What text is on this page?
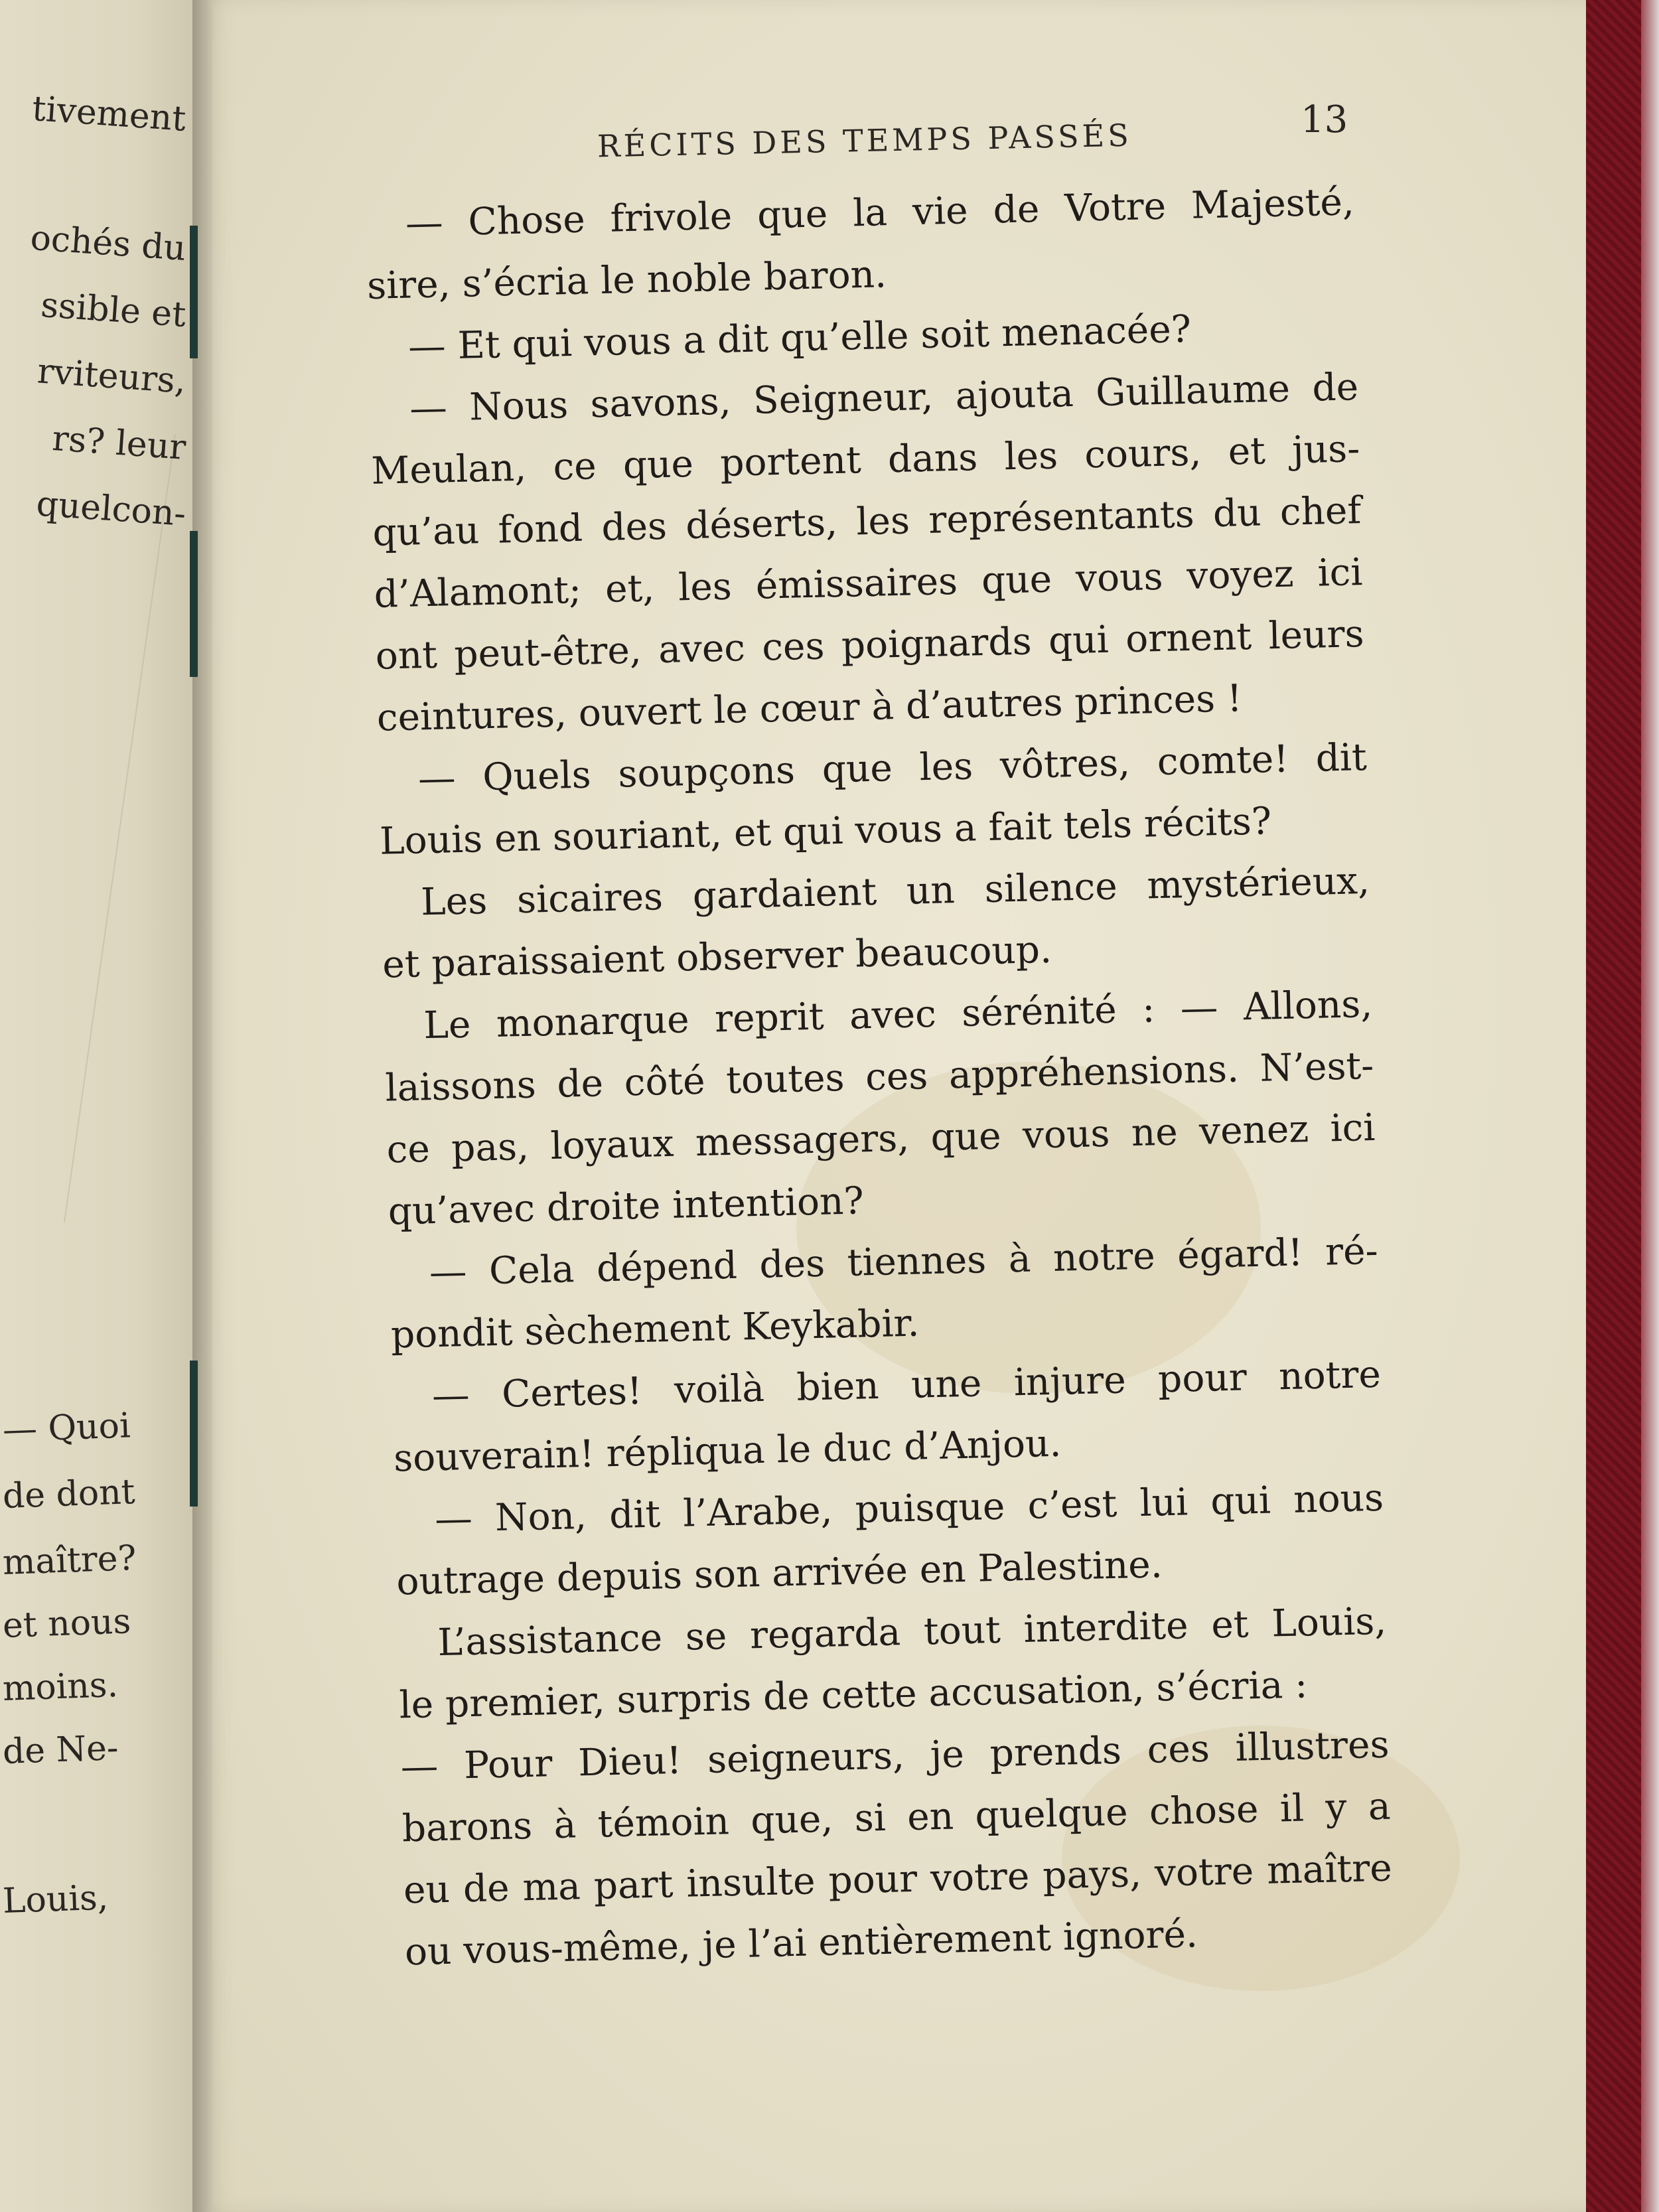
tivement
ochés du
ssible et
rviteurs,
rs? leur
quelcon-
— Quoi
de dont
maître?
et nous
moins.
de Ne-
Louis,
RÉCITS DES TEMPS PASSÉS	13

— Chose frivole que la vie de Votre Majesté,

sire, s’écria le noble baron.

— Et qui vous a dit qu’elle soit menacée?

— Nous savons, Seigneur, ajouta Guillaume de

Meulan, ce que portent dans les cours, et jus-

qu’au fond des déserts, les représentants du chef

d’Alamont; et, les émissaires que vous voyez ici

ont peut-être, avec ces poignards qui ornent leurs

ceintures, ouvert le cœur à d’autres princes !

— Quels soupçons que les vôtres, comte! dit

Louis en souriant, et qui vous a fait tels récits?

Les sicaires gardaient un silence mystérieux,

et paraissaient observer beaucoup.

Le monarque reprit avec sérénité : — Allons,

laissons de côté toutes ces appréhensions. N’est-

ce pas, loyaux messagers, que vous ne venez ici

qu’avec droite intention?

— Cela dépend des tiennes à notre égard! ré-

pondit sèchement Keykabir.

— Certes! voilà bien une injure pour notre

souverain! répliqua le duc d’Anjou.

— Non, dit l’Arabe, puisque c’est lui qui nous

outrage depuis son arrivée en Palestine.

L’assistance se regarda tout interdite et Louis,

le premier, surpris de cette accusation, s’écria :

— Pour Dieu! seigneurs, je prends ces illustres

barons à témoin que, si en quelque chose il y a

eu de ma part insulte pour votre pays, votre maître

ou vous-même, je l’ai entièrement ignoré.
